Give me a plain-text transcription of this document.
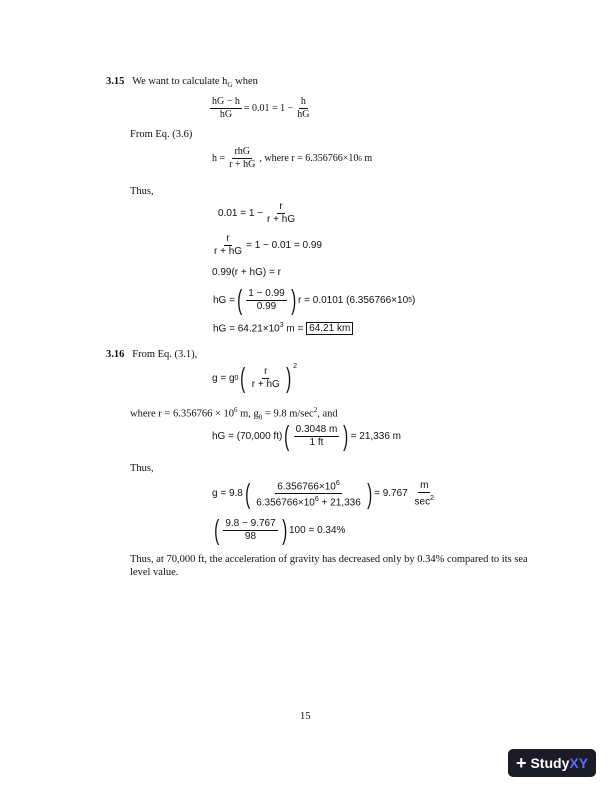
3.15 We want to calculate $h_G$ when
$\frac{hG - h}{hG} = 0.01 = 1 - \frac{h}{hG}$
From Eq. (3.6)
$h = \frac{\text{rhG}}{r + hG}$ , where r = 6.356766×10 6
m
Thus,
$0.01 = 1 - \frac{r}{r + hG}$
$\frac{r}{r + hG} = 1 - 0.01 = 0.99$
0.99(r + hG) = r
hG = ( $\frac{1 - 0.99}{0.99}$ ) r = 0.0101 (6.356766×10 5 )
hG = $64.21\times 10^3$ m = 64.21 km
3.16 From Eq. (3.1),
g = g 0 ( $\frac{r}{r + hG}$ ) $^2$
where $r = 6.356766 \times 10^6$ m, $g_0 = 9.8$ $m/\sec^2$, and
hG = (70,000 ft) ( $\frac{0.3048 m}{1 ft}$ ) = 21,336 m
Thus,
g = 9.8 ( $\frac{6.356766\times 10^6}{6.356766\times 10^6 + 21,336}$ ) = 9.767
$\frac{m}{\sec^2}$
( $\frac{9.8 - 9.767}{98}$ ) 100 = 0.34%
Thus, at 70,000 ft, the acceleration of gravity has decreased only by 0.34% compared to its sea
level value.
15
+ Study XY
